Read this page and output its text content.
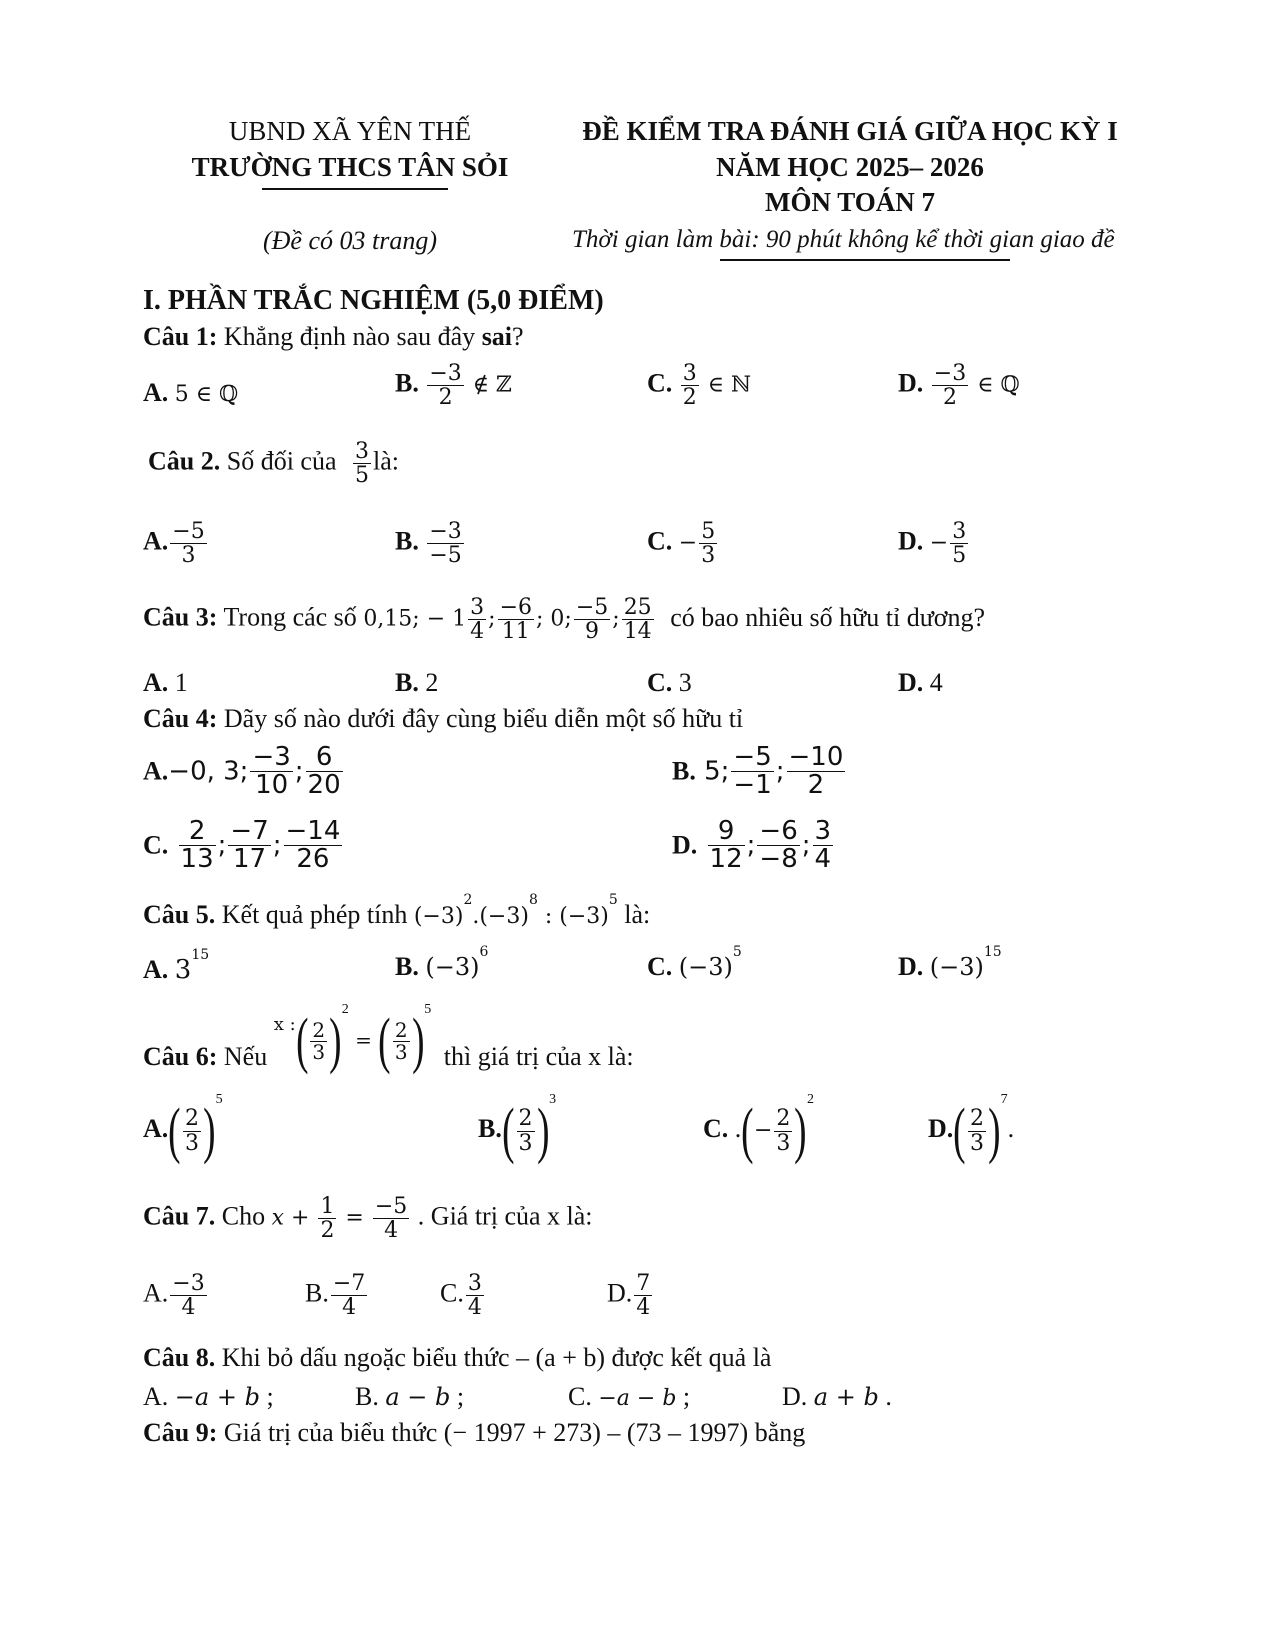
UBND XÃ YÊN THẾ
TRƯỜNG THCS TÂN SỎI
(Đề có 03 trang)
ĐỀ KIỂM TRA ĐÁNH GIÁ GIỮA HỌC KỲ I
NĂM HỌC 2025– 2026
MÔN TOÁN 7
Thời gian làm bài: 90 phút không kể thời gian giao đề
I. PHẦN TRẮC NGHIỆM (5,0 ĐIỂM)
Câu 1: Khẳng định nào sau đây sai?
A. 5 ∈ ℚ	B. $\frac{-3}{2}$ ∉ ℤ	C. $\frac{3}{2}$ ∈ ℕ	D. $\frac{-3}{2}$ ∈ ℚ
Câu 2. Số đối của $\frac{3}{5}$ là:
A. $\frac{-5}{3}$	B. $\frac{-3}{-5}$	C. − $\frac{5}{3}$	D. − $\frac{3}{5}$
Câu 3: Trong các số 0,15; − $1 \frac{3}{4}$ ; $\frac{-6}{11}$ ; 0; $\frac{-5}{9}$ ; $\frac{25}{14}$ có bao nhiêu số hữu tỉ dương?
A. 1	B. 2	C. 3	D. 4
Câu 4: Dãy số nào dưới đây cùng biểu diễn một số hữu tỉ
A.−0, 3; $\frac{-3}{10}$ ; $\frac{6}{20}$	B. 5; $\frac{-5}{-1}$ ; $\frac{-10}{2}$
C. $\frac{2}{13}$ ; $\frac{-7}{17}$ ; $\frac{-14}{26}$	D. $\frac{9}{12}$ ; $\frac{-6}{-8}$ ; $\frac{3}{4}$
Câu 5. Kết quả phép tính $(-3)^2.(-3)^8$ : $(-3)^5$ là:
A. $3^{15}$	B. $(-3)^6$	C. $(-3)^5$	D. $(-3)^{15}$
Câu 6: Nếu $^{x :}( \frac{2}{3} )^2$ = ( $\frac{2}{3} )^5$ thì giá trị của x là:
$A.( \frac{2}{3} )^5$
$B.( \frac{2}{3} )^3$
C. .(− $\frac{2}{3} )^2$
$D.( \frac{2}{3} )^7$.
Câu 7. Cho $x + \frac{1}{2} = \frac{-5}{4}$ . Giá trị của x là:
A. $\frac{-3}{4}$	B. $\frac{-7}{4}$	C. $\frac{3}{4}$	D. $\frac{7}{4}$
Câu 8. Khi bỏ dấu ngoặc biểu thức – (a + b) được kết quả là
A. −a + b ;	B. a − b ;	C. −a − b ;	D. a + b .
Câu 9: Giá trị của biểu thức (− 1997 + 273) – (73 – 1997) bằng
